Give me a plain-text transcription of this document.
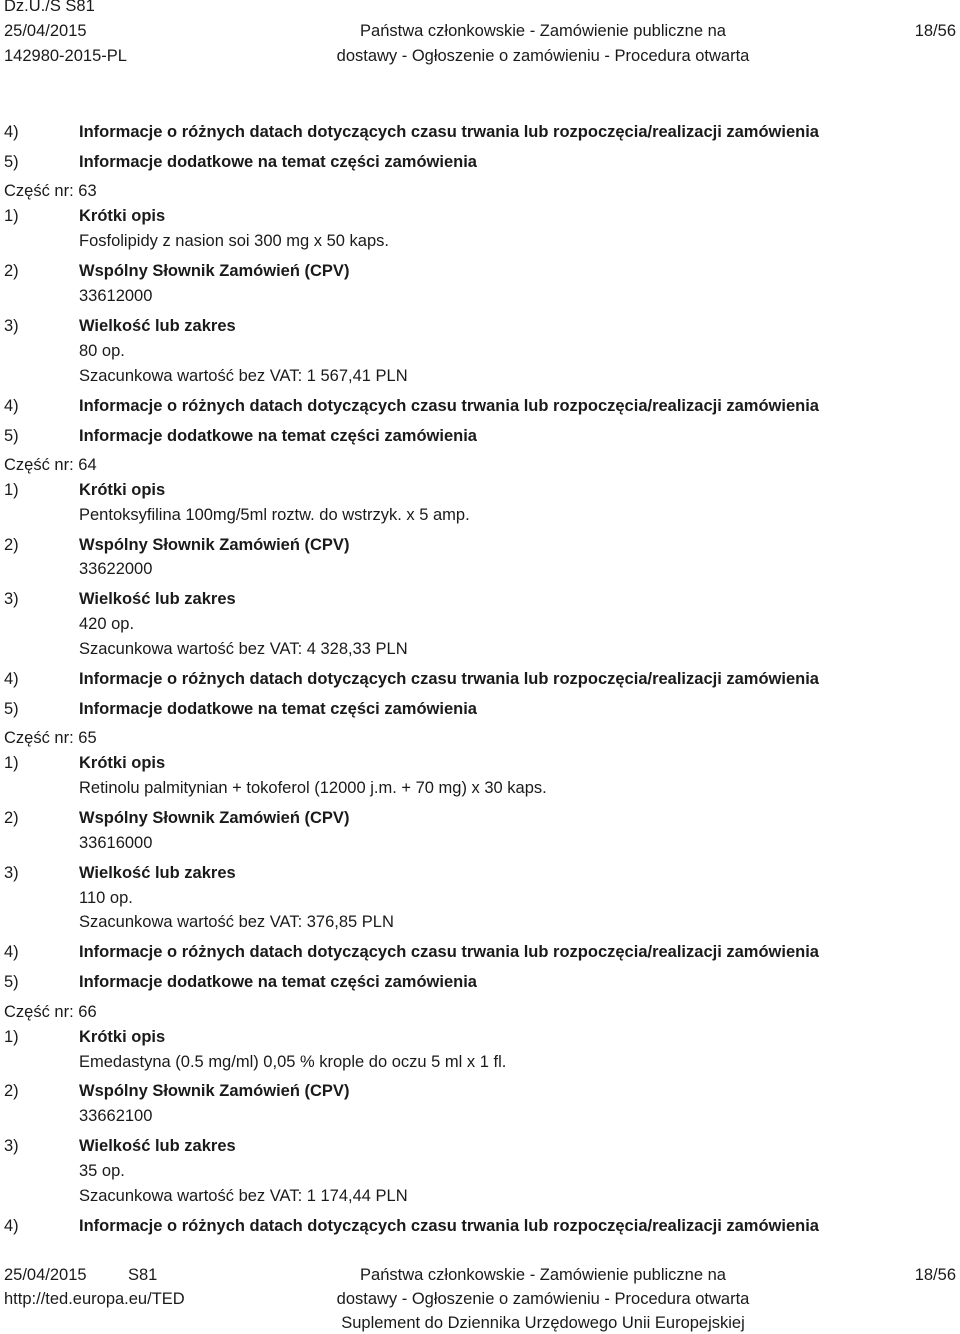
Dz.U./S S81
25/04/2015
142980-2015-PL
Państwa członkowskie - Zamówienie publiczne na
dostawy - Ogłoszenie o zamówieniu - Procedura otwarta
18/56
4)	Informacje o różnych datach dotyczących czasu trwania lub rozpoczęcia/realizacji zamówienia
5)	Informacje dodatkowe na temat części zamówienia
Część nr: 63
1)	Krótki opis
Fosfolipidy z nasion soi 300 mg x 50 kaps.
2)	Wspólny Słownik Zamówień (CPV)
33612000
3)	Wielkość lub zakres
80 op.
Szacunkowa wartość bez VAT: 1 567,41 PLN
4)	Informacje o różnych datach dotyczących czasu trwania lub rozpoczęcia/realizacji zamówienia
5)	Informacje dodatkowe na temat części zamówienia
Część nr: 64
1)	Krótki opis
Pentoksyfilina 100mg/5ml roztw. do wstrzyk. x 5 amp.
2)	Wspólny Słownik Zamówień (CPV)
33622000
3)	Wielkość lub zakres
420 op.
Szacunkowa wartość bez VAT: 4 328,33 PLN
4)	Informacje o różnych datach dotyczących czasu trwania lub rozpoczęcia/realizacji zamówienia
5)	Informacje dodatkowe na temat części zamówienia
Część nr: 65
1)	Krótki opis
Retinolu palmitynian + tokoferol (12000 j.m. + 70 mg) x 30 kaps.
2)	Wspólny Słownik Zamówień (CPV)
33616000
3)	Wielkość lub zakres
110 op.
Szacunkowa wartość bez VAT: 376,85 PLN
4)	Informacje o różnych datach dotyczących czasu trwania lub rozpoczęcia/realizacji zamówienia
5)	Informacje dodatkowe na temat części zamówienia
Część nr: 66
1)	Krótki opis
Emedastyna (0.5 mg/ml) 0,05 % krople do oczu 5 ml x 1 fl.
2)	Wspólny Słownik Zamówień (CPV)
33662100
3)	Wielkość lub zakres
35 op.
Szacunkowa wartość bez VAT: 1 174,44 PLN
4)	Informacje o różnych datach dotyczących czasu trwania lub rozpoczęcia/realizacji zamówienia
25/04/2015	S81
http://ted.europa.eu/TED
Państwa członkowskie - Zamówienie publiczne na
dostawy - Ogłoszenie o zamówieniu - Procedura otwarta
Suplement do Dziennika Urzędowego Unii Europejskiej
18/56
